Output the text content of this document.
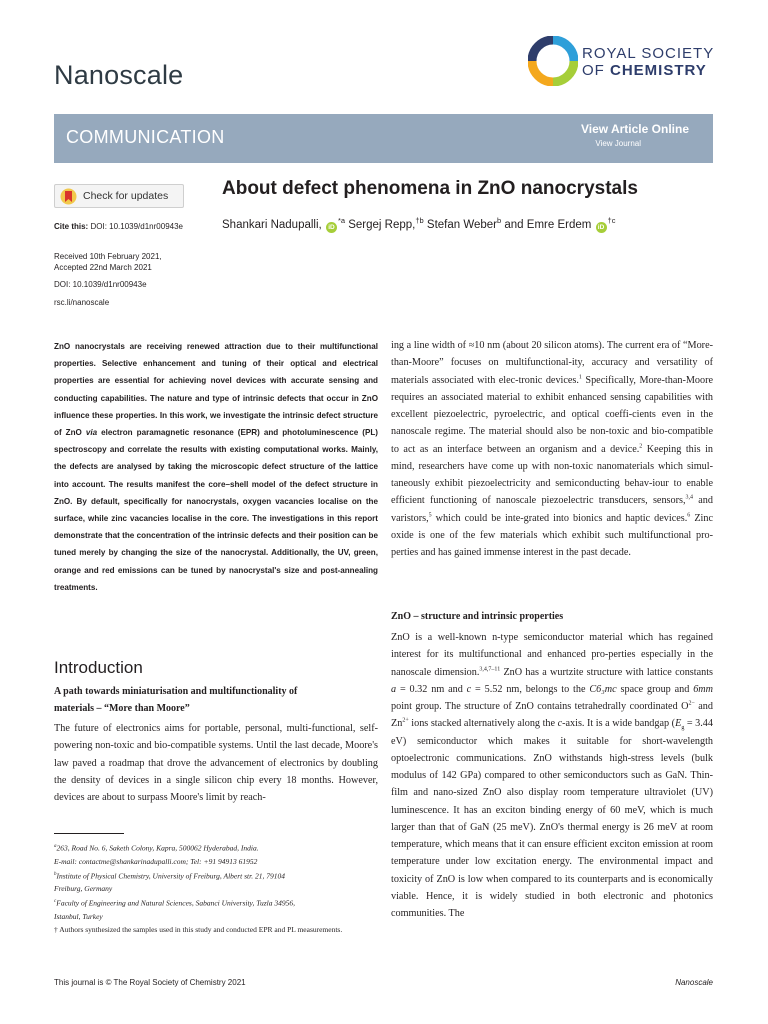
Nanoscale
ROYAL SOCIETY
OF CHEMISTRY
COMMUNICATION	View Article Online
View Journal
Check for updates	About defect phenomena in ZnO nanocrystals
Shankari Nadupalli, $iD^{*a}$ Sergej Repp,$^{\dagger b}$ Stefan Weber$^b$ and Emre Erdem $iD^{\dagger c}$
Cite this: DOI: 10.1039/d1nr00943e
Received 10th February 2021,
Accepted 22nd March 2021
DOI: 10.1039/d1nr00943e
rsc.li/nanoscale
ZnO nanocrystals are receiving renewed attraction due to their multifunctional properties. Selective enhancement and tuning of their optical and electrical properties are essential for achieving novel devices with accurate sensing and conducting capabilities. The nature and type of intrinsic defects that occur in ZnO influence these properties. In this work, we investigate the intrinsic defect structure of ZnO via electron paramagnetic resonance (EPR) and photoluminescence (PL) spectroscopy and correlate the results with existing computational works. Mainly, the defects are analysed by taking the microscopic defect structure of the lattice into account. The results manifest the core–shell model of the defect structure in ZnO. By default, specifically for nanocrystals, oxygen vacancies localise on the surface, while zinc vacancies localise in the core. The investigations in this report demonstrate that the concentration of the intrinsic defects and their position can be tuned merely by changing the size of the nanocrystal. Additionally, the UV, green, orange and red emissions can be tuned by nanocrystal's size and post-annealing treatments.
Introduction
A path towards miniaturisation and multifunctionality of
materials – “More than Moore”
The future of electronics aims for portable, personal, multi-functional, self-powering non-toxic and bio-compatible systems. Until the last decade, Moore's law paved a roadmap that drove the advancement of electronics by doubling the density of devices in a single silicon chip every 18 months. However, devices are about to surpass Moore's limit by reach-
ing a line width of ≈10 nm (about 20 silicon atoms). The current era of “More-than-Moore” focuses on multifunctional-ity, accuracy and versatility of materials associated with elec-tronic devices.$^1$ Specifically, More-than-Moore requires an associated material to exhibit enhanced sensing capabilities with excellent piezoelectric, pyroelectric, and optical coeffi-cients even in the nanoscale regime. The material should also be non-toxic and bio-compatible to act as an interface between an organism and a device.$^2$ Keeping this in mind, researchers have come up with non-toxic nanomaterials which simul-taneously exhibit piezoelectricity and semiconducting behav-iour to enable efficient functioning of nanoscale piezoelectric transducers, sensors,$^{3,4}$ and varistors,$^5$ which could be inte-grated into bionics and haptic devices.$^6$ Zinc oxide is one of the few materials which exhibit such multifunctional pro-perties and has gained immense interest in the past decade.
ZnO – structure and intrinsic properties
ZnO is a well-known n-type semiconductor material which has regained interest for its multifunctional and enhanced pro-perties especially in the nanoscale dimension.$^{3,4,7-11}$ ZnO has a wurtzite structure with lattice constants a = 0.32 nm and c = 5.52 nm, belongs to the C6₃mc space group and 6mm point group. The structure of ZnO contains tetrahedrally coordinated $O^{2-}$ and $Zn^{2+}$ ions stacked alternatively along the c-axis. It is a wide bandgap ($E_g = 3.44$ eV) semiconductor which makes it suitable for short-wavelength optoelectronic communications. ZnO withstands high-stress levels (bulk modulus of 142 GPa) compared to other semiconductors such as GaN. Thin-film and nano-sized ZnO also display room temperature ultraviolet (UV) luminescence. It has an exciton binding energy of 60 meV, which is much larger than that of GaN (25 meV). ZnO's thermal energy is 26 meV at room temperature, which means that it can ensure efficient exciton emission at room temperature under low excitation energy. The environmental impact and toxicity of ZnO is low when compared to its counterparts and is economically viable. Hence, it is widely studied in both electronic and photonics communities. The
$^a$263, Road No. 6, Saketh Colony, Kapra, 500062 Hyderabad, India.
E-mail: contactme@shankarinadupalli.com; Tel: +91 94913 61952
$^b$Institute of Physical Chemistry, University of Freiburg, Albert str. 21, 79104
Freiburg, Germany
$^c$Faculty of Engineering and Natural Sciences, Sabanci University, Tuzla 34956,
Istanbul, Turkey
† Authors synthesized the samples used in this study and conducted EPR and PL measurements.
This journal is © The Royal Society of Chemistry 2021	Nanoscale
